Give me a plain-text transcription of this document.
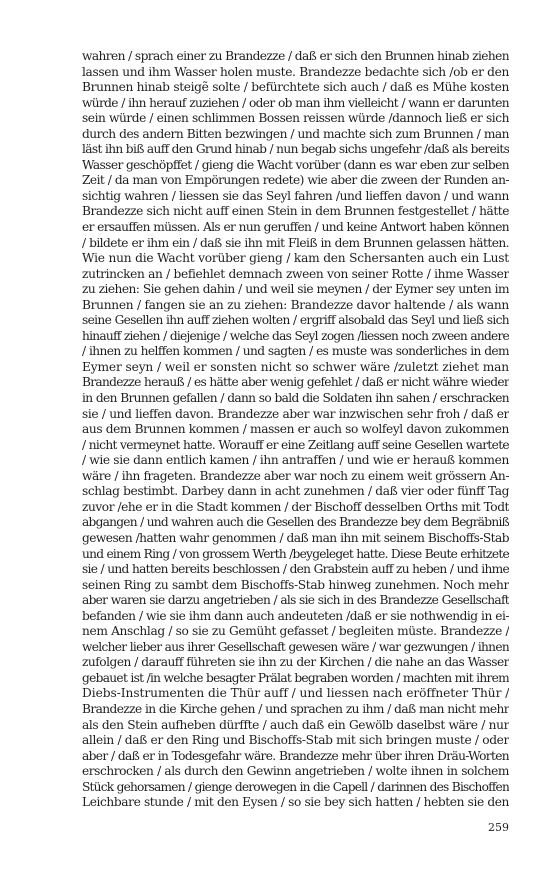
wahren / sprach einer zu Brandezze / daß er sich den Brunnen hinab ziehen
lassen und ihm Wasser holen muste. Brandezze bedachte sich /ob er den
Brunnen hinab steigẽ solte / befürchtete sich auch / daß es Mühe kosten
würde / ihn herauf zuziehen / oder ob man ihm vielleicht / wann er darunten
sein würde / einen schlimmen Bossen reissen würde /dannoch ließ er sich
durch des andern Bitten bezwingen / und machte sich zum Brunnen / man
läst ihn biß auff den Grund hinab / nun begab sichs ungefehr /daß als bereits
Wasser geschöpffet / gieng die Wacht vorüber (dann es war eben zur selben
Zeit / da man von Empörungen redete) wie aber die zween der Runden an-
sichtig wahren / liessen sie das Seyl fahren /und lieffen davon / und wann
Brandezze sich nicht auff einen Stein in dem Brunnen festgestellet / hätte
er ersauffen müssen. Als er nun geruffen / und keine Antwort haben können
/ bildete er ihm ein / daß sie ihn mit Fleiß in dem Brunnen gelassen hätten.
Wie nun die Wacht vorüber gieng / kam den Schersanten auch ein Lust
zutrincken an / befiehlet demnach zween von seiner Rotte / ihme Wasser
zu ziehen: Sie gehen dahin / und weil sie meynen / der Eymer sey unten im
Brunnen / fangen sie an zu ziehen: Brandezze davor haltende / als wann
seine Gesellen ihn auff ziehen wolten / ergriff alsobald das Seyl und ließ sich
hinauff ziehen / diejenige / welche das Seyl zogen /liessen noch zween andere
/ ihnen zu helffen kommen / und sagten / es muste was sonderliches in dem
Eymer seyn / weil er sonsten nicht so schwer wäre /zuletzt ziehet man
Brandezze herauß / es hätte aber wenig gefehlet / daß er nicht währe wieder
in den Brunnen gefallen / dann so bald die Soldaten ihn sahen / erschracken
sie / und lieffen davon. Brandezze aber war inzwischen sehr froh / daß er
aus dem Brunnen kommen / massen er auch so wolfeyl davon zukommen
/ nicht vermeynet hatte. Worauff er eine Zeitlang auff seine Gesellen wartete
/ wie sie dann entlich kamen / ihn antraffen / und wie er herauß kommen
wäre / ihn frageten. Brandezze aber war noch zu einem weit grössern An-
schlag bestimbt. Darbey dann in acht zunehmen / daß vier oder fünff Tag
zuvor /ehe er in die Stadt kommen / der Bischoff desselben Orths mit Todt
abgangen / und wahren auch die Gesellen des Brandezze bey dem Begräbniß
gewesen /hatten wahr genommen / daß man ihn mit seinem Bischoffs-Stab
und einem Ring / von grossem Werth /beygeleget hatte. Diese Beute erhitzete
sie / und hatten bereits beschlossen / den Grabstein auff zu heben / und ihme
seinen Ring zu sambt dem Bischoffs-Stab hinweg zunehmen. Noch mehr
aber waren sie darzu angetrieben / als sie sich in des Brandezze Gesellschaft
befanden / wie sie ihm dann auch andeuteten /daß er sie nothwendig in ei-
nem Anschlag / so sie zu Gemüht gefasset / begleiten müste. Brandezze /
welcher lieber aus ihrer Gesellschaft gewesen wäre / war gezwungen / ihnen
zufolgen / darauff führeten sie ihn zu der Kirchen / die nahe an das Wasser
gebauet ist /in welche besagter Prälat begraben worden / machten mit ihrem
Diebs-Instrumenten die Thür auff / und liessen nach eröffneter Thür /
Brandezze in die Kirche gehen / und sprachen zu ihm / daß man nicht mehr
als den Stein aufheben dürffte / auch daß ein Gewölb daselbst wäre / nur
allein / daß er den Ring und Bischoffs-Stab mit sich bringen muste / oder
aber / daß er in Todesgefahr wäre. Brandezze mehr über ihren Dräu-Worten
erschrocken / als durch den Gewinn angetrieben / wolte ihnen in solchem
Stück gehorsamen / gienge derowegen in die Capell / darinnen des Bischoffen
Leichbare stunde / mit den Eysen / so sie bey sich hatten / hebten sie den
259
